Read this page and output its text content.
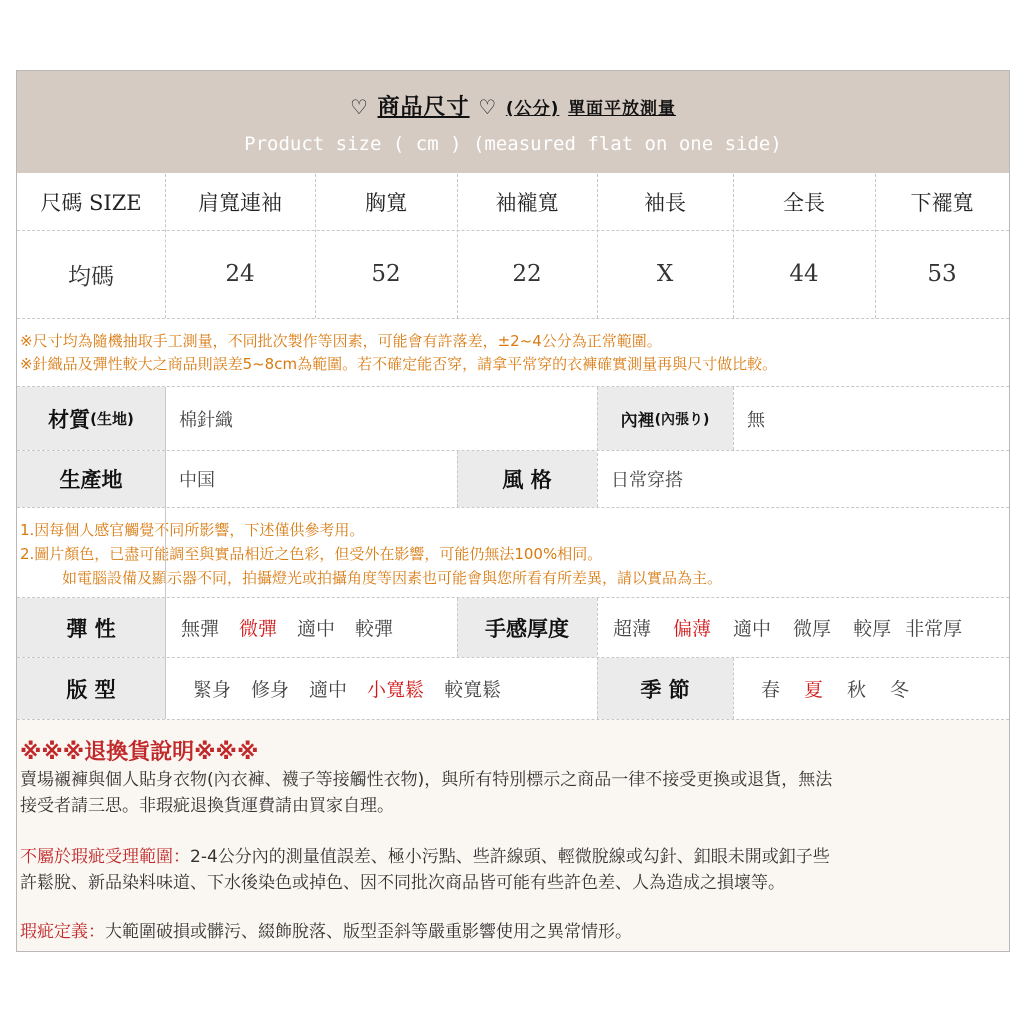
♡ 商品尺寸 ♡ (公分) 單面平放測量
Product size ( cm ) (measured flat on one side)
尺碼 SIZE	肩寬連袖	胸寬	袖襱寬	袖長	全長	下襬寬
均碼	24	52	22	X	44	53
※尺寸均為隨機抽取手工測量，不同批次製作等因素，可能會有許落差，±2~4公分為正常範圍。
※針織品及彈性較大之商品則誤差5~8cm為範圍。若不確定能否穿，請拿平常穿的衣褲確實測量再與尺寸做比較。
材質 (生地)	棉針織	內裡 (內張り)	無
生產地	中国	風 格	日常穿搭
1.因每個人感官觸覺不同所影響，下述僅供參考用。
2.圖片顏色，已盡可能調至與實品相近之色彩，但受外在影響，可能仍無法100%相同。
如電腦設備及顯示器不同，拍攝燈光或拍攝角度等因素也可能會與您所看有所差異，請以實品為主。
彈 性	無彈 微彈 適中 較彈	手感厚度	超薄 偏薄 適中 微厚 較厚 非常厚
版 型	緊身 修身 適中 小寬鬆 較寬鬆	季 節	春 夏 秋 冬
※※※退換貨說明※※※
賣場襯褲與個人貼身衣物(內衣褲、襪子等接觸性衣物)，與所有特別標示之商品一律不接受更換或退貨，無法
接受者請三思。非瑕疵退換貨運費請由買家自理。
不屬於瑕疵受理範圍：2-4公分內的測量值誤差、極小污點、些許線頭、輕微脫線或勾針、釦眼未開或釦子些
許鬆脫、新品染料味道、下水後染色或掉色、因不同批次商品皆可能有些許色差、人為造成之損壞等。
瑕疵定義：大範圍破損或髒污、綴飾脫落、版型歪斜等嚴重影響使用之異常情形。
